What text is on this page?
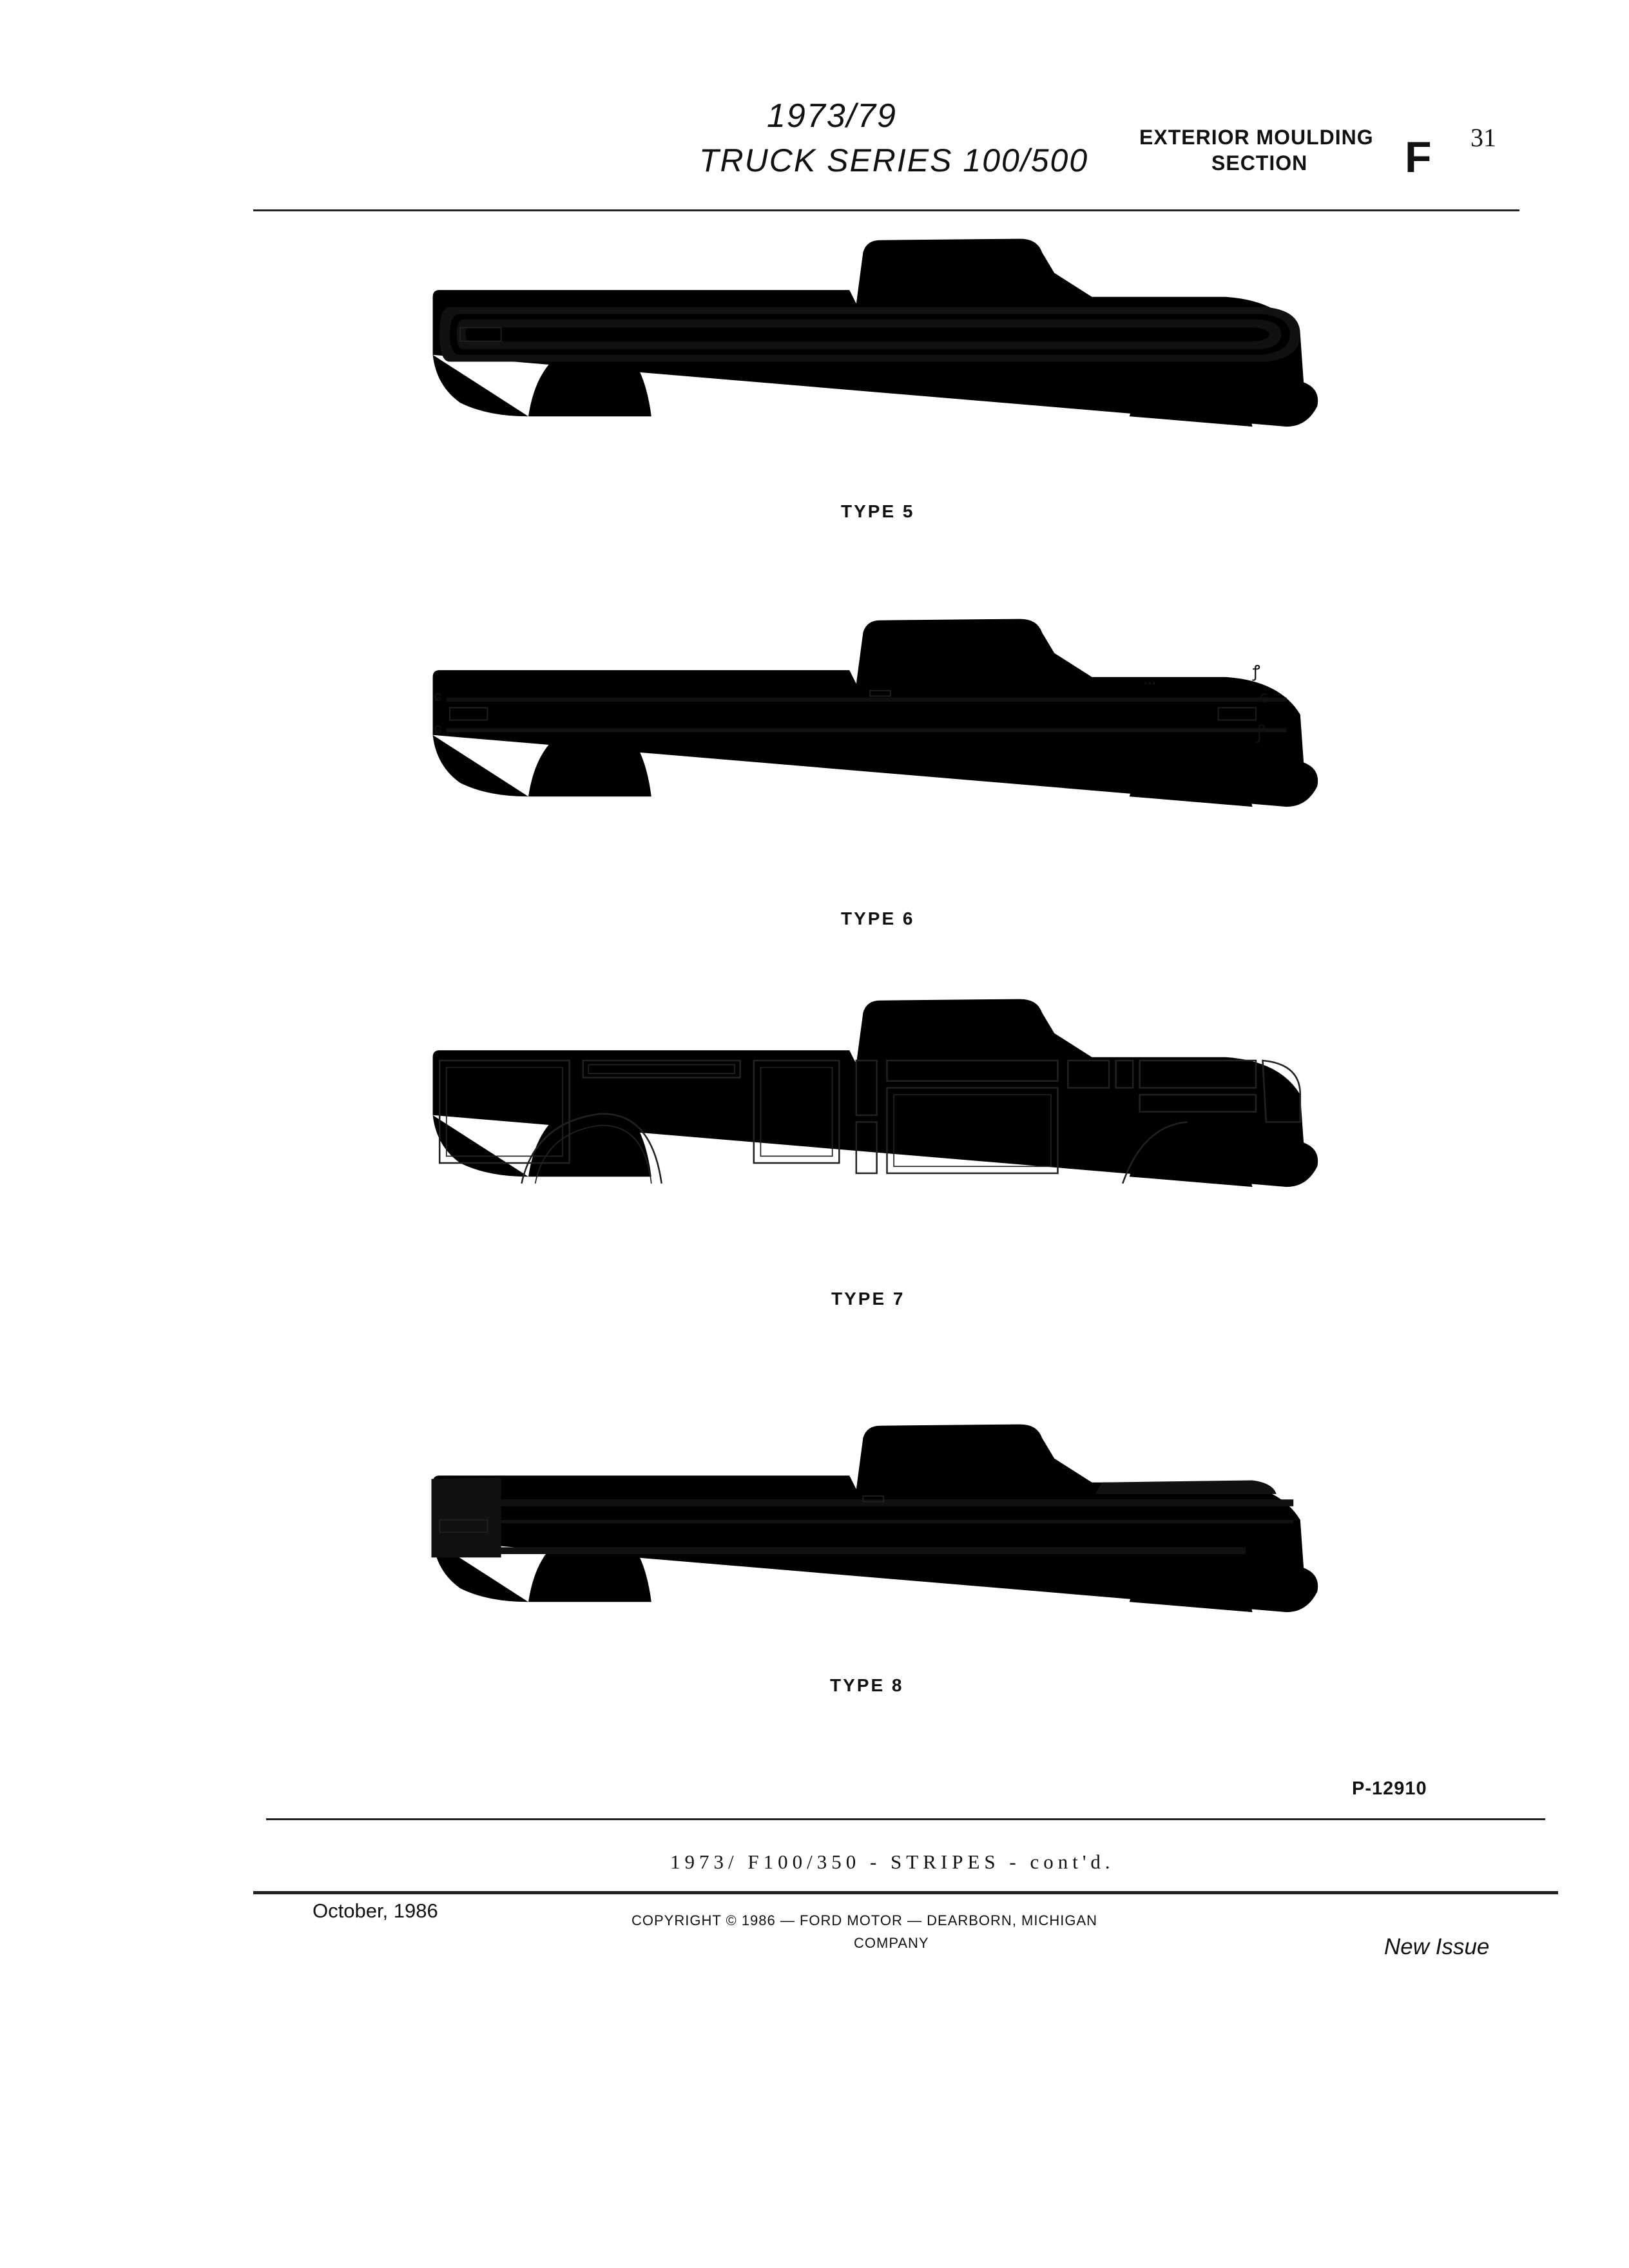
1973/79
TRUCK SERIES 100/500
EXTERIOR MOULDING
SECTION F 31
TYPE 5
ɕ
ɕ
ⵈ
ꝭ
ꞓ
ꝭ
TYPE 6
TYPE 7
TYPE 8
P-12910
1973/ F100/350 - STRIPES - cont'd.
October, 1986	COPYRIGHT © 1986 — FORD MOTOR — DEARBORN, MICHIGAN
COMPANY	New Issue
